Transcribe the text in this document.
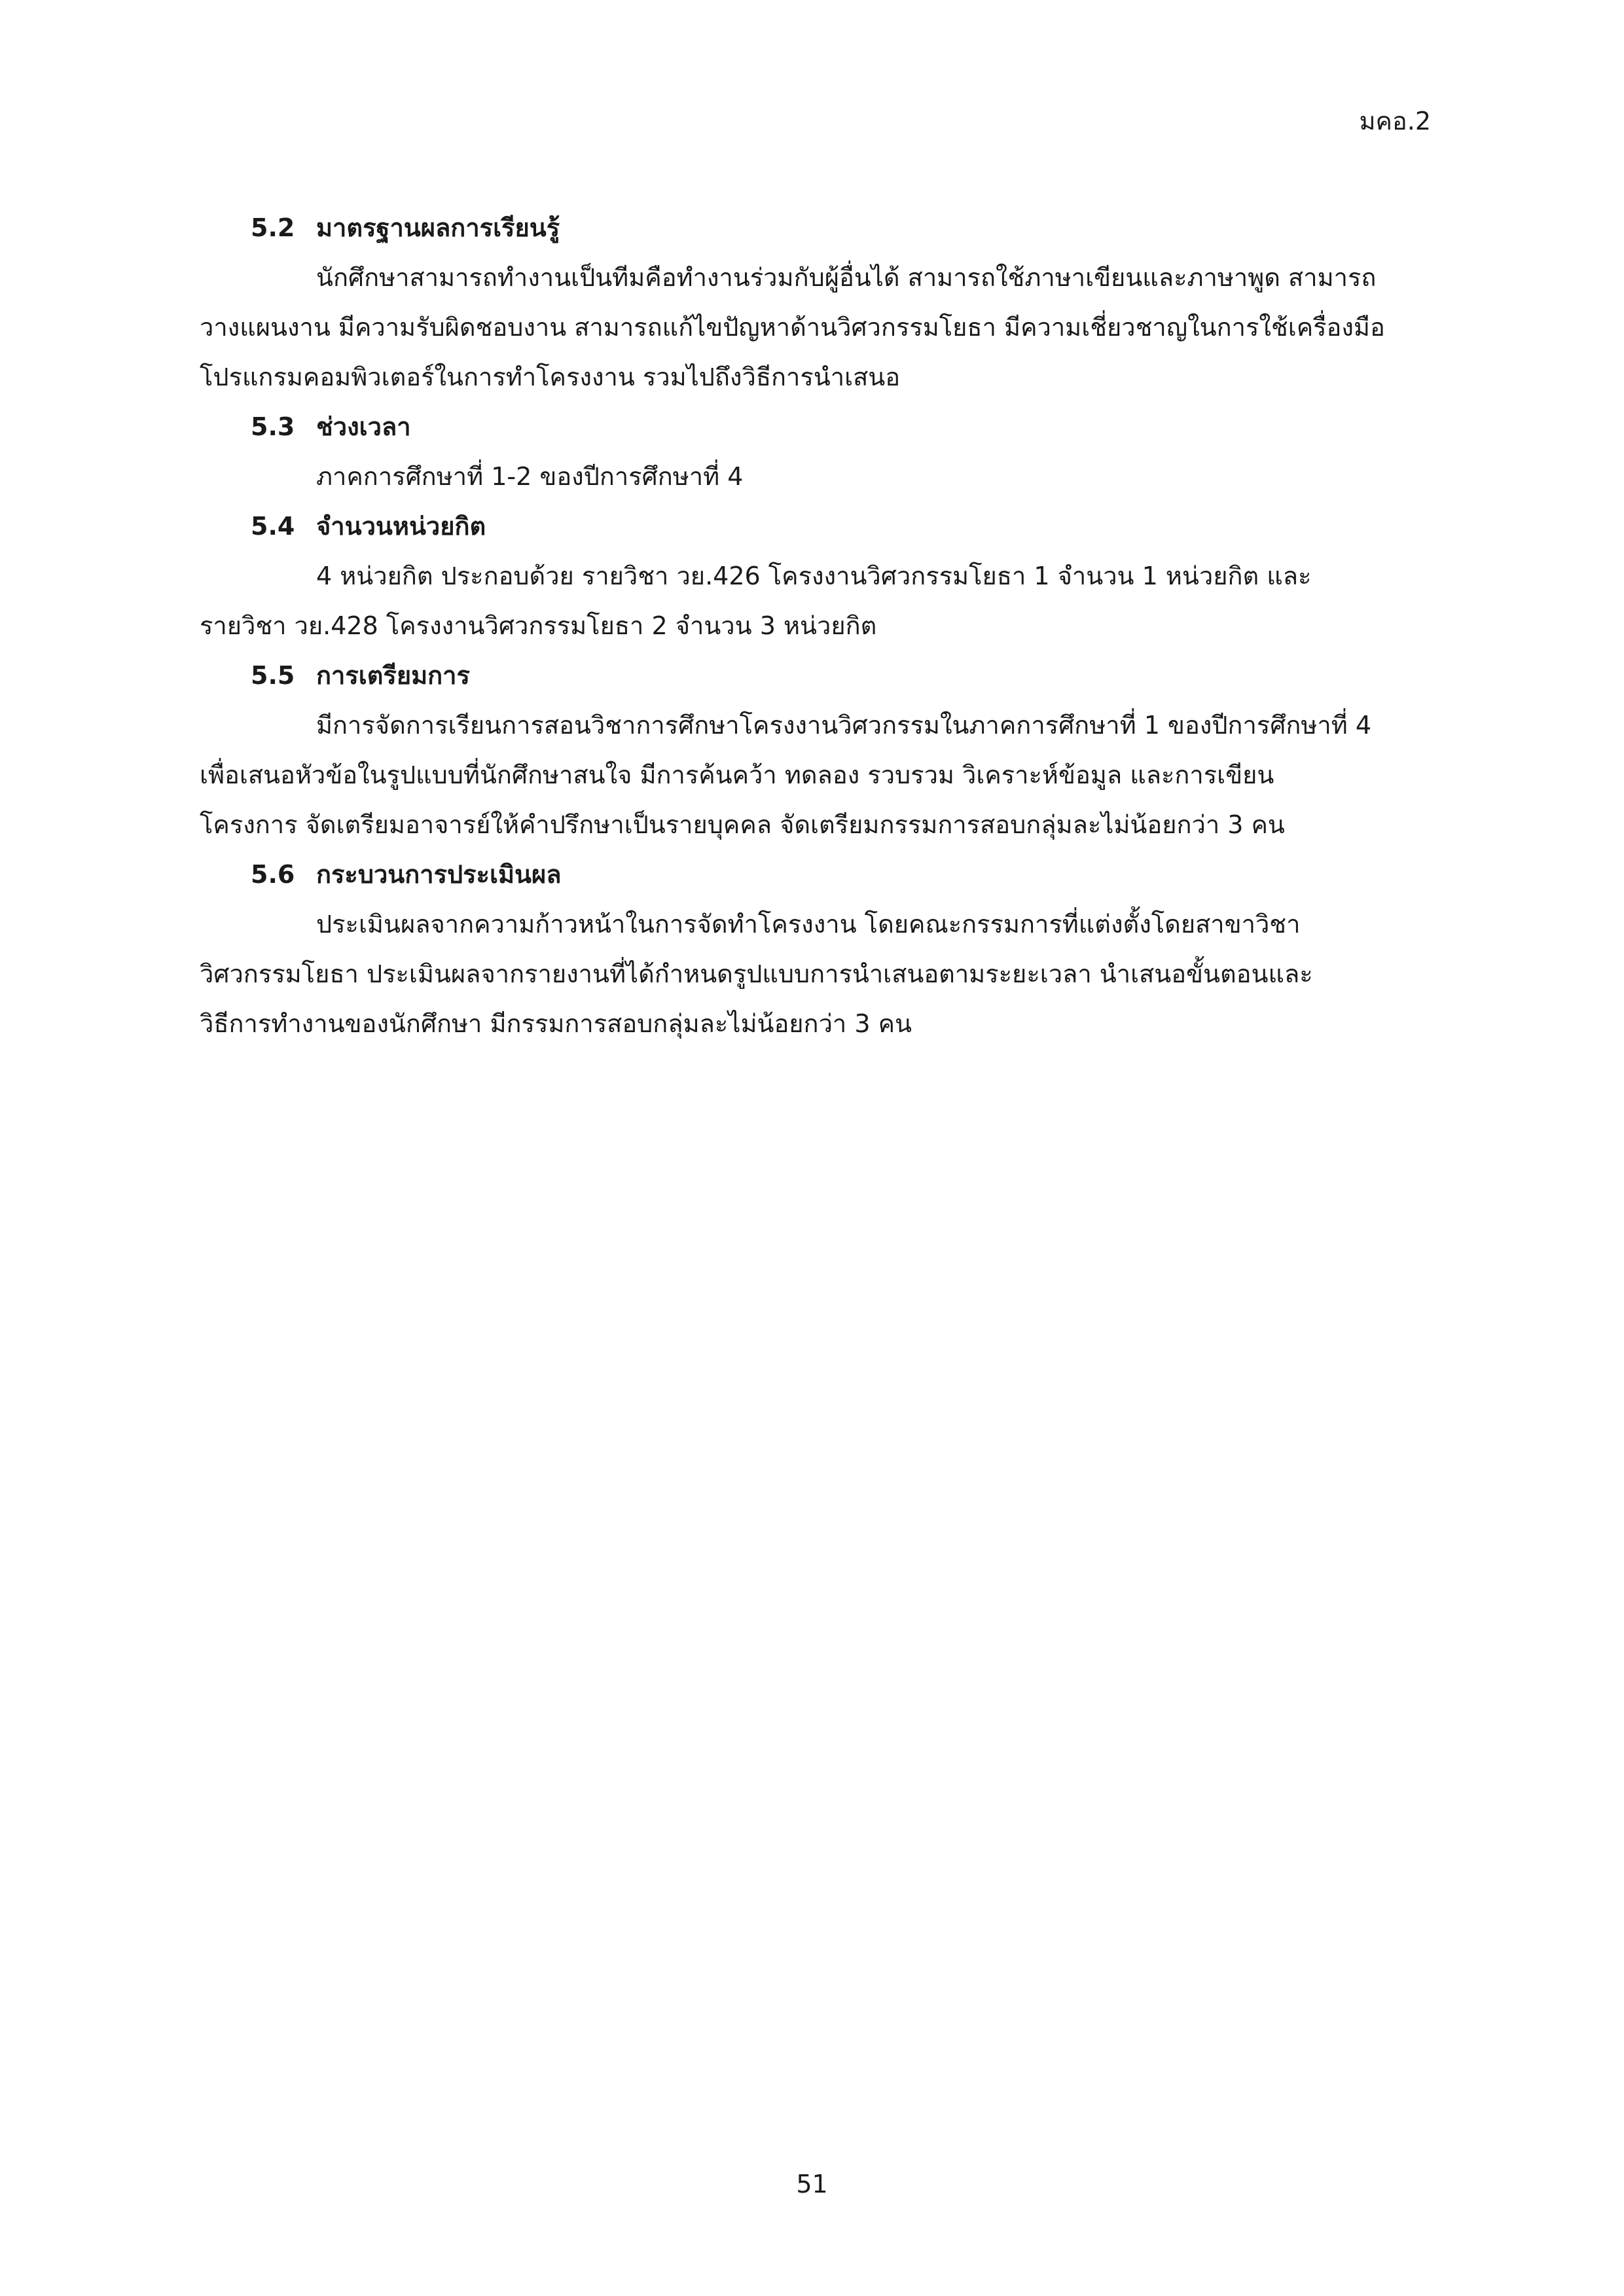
มคอ.2
5.2 มาตรฐานผลการเรียนรู้

นักศึกษาสามารถทำงานเป็นทีมคือทำงานร่วมกับผู้อื่นได้ สามารถใช้ภาษาเขียนและภาษาพูด สามารถ
วางแผนงาน มีความรับผิดชอบงาน สามารถแก้ไขปัญหาด้านวิศวกรรมโยธา มีความเชี่ยวชาญในการใช้เครื่องมือ
โปรแกรมคอมพิวเตอร์ในการทำโครงงาน รวมไปถึงวิธีการนำเสนอ

5.3 ช่วงเวลา

ภาคการศึกษาที่ 1-2 ของปีการศึกษาที่ 4

5.4 จำนวนหน่วยกิต

4 หน่วยกิต ประกอบด้วย รายวิชา วย.426 โครงงานวิศวกรรมโยธา 1 จำนวน 1 หน่วยกิต และ
รายวิชา วย.428 โครงงานวิศวกรรมโยธา 2 จำนวน 3 หน่วยกิต

5.5 การเตรียมการ

มีการจัดการเรียนการสอนวิชาการศึกษาโครงงานวิศวกรรมในภาคการศึกษาที่ 1 ของปีการศึกษาที่ 4
เพื่อเสนอหัวข้อในรูปแบบที่นักศึกษาสนใจ มีการค้นคว้า ทดลอง รวบรวม วิเคราะห์ข้อมูล และการเขียน
โครงการ จัดเตรียมอาจารย์ให้คำปรึกษาเป็นรายบุคคล จัดเตรียมกรรมการสอบกลุ่มละไม่น้อยกว่า 3 คน

5.6 กระบวนการประเมินผล

ประเมินผลจากความก้าวหน้าในการจัดทำโครงงาน โดยคณะกรรมการที่แต่งตั้งโดยสาขาวิชา
วิศวกรรมโยธา ประเมินผลจากรายงานที่ได้กำหนดรูปแบบการนำเสนอตามระยะเวลา นำเสนอขั้นตอนและ
วิธีการทำงานของนักศึกษา มีกรรมการสอบกลุ่มละไม่น้อยกว่า 3 คน

51
